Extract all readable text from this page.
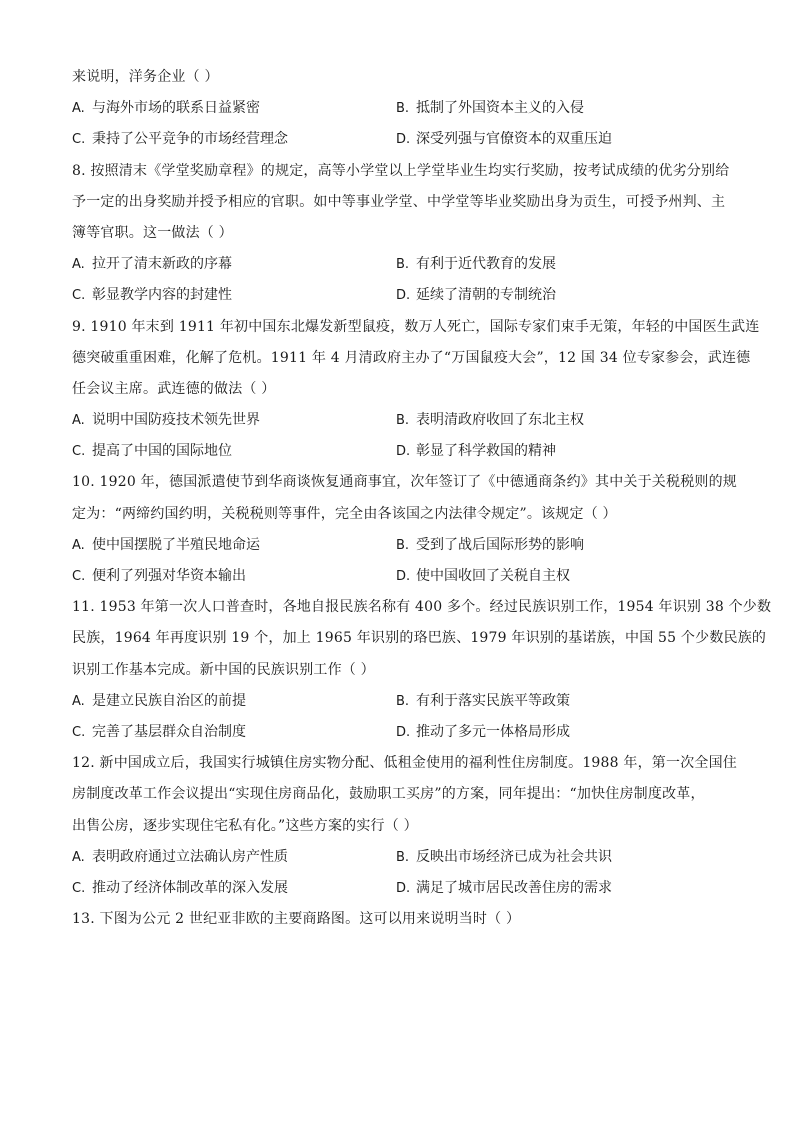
来说明，洋务企业（ ）
A. 与海外市场的联系日益紧密	B. 抵制了外国资本主义的入侵
C. 秉持了公平竞争的市场经营理念	D. 深受列强与官僚资本的双重压迫
8. 按照清末《学堂奖励章程》的规定，高等小学堂以上学堂毕业生均实行奖励，按考试成绩的优劣分别给
予一定的出身奖励并授予相应的官职。如中等事业学堂、中学堂等毕业奖励出身为贡生，可授予州判、主
簿等官职。这一做法（ ）
A. 拉开了清末新政的序幕	B. 有利于近代教育的发展
C. 彰显教学内容的封建性	D. 延续了清朝的专制统治
9. 1910 年末到 1911 年初中国东北爆发新型鼠疫，数万人死亡，国际专家们束手无策，年轻的中国医生武连
德突破重重困难，化解了危机。1911 年 4 月清政府主办了“万国鼠疫大会”，12 国 34 位专家参会，武连德
任会议主席。武连德的做法（ ）
A. 说明中国防疫技术领先世界	B. 表明清政府收回了东北主权
C. 提高了中国的国际地位	D. 彰显了科学救国的精神
10. 1920 年，德国派遣使节到华商谈恢复通商事宜，次年签订了《中德通商条约》其中关于关税税则的规
定为：“两缔约国约明，关税税则等事件，完全由各该国之内法律令规定”。该规定（ ）
A. 使中国摆脱了半殖民地命运	B. 受到了战后国际形势的影响
C. 便利了列强对华资本输出	D. 使中国收回了关税自主权
11. 1953 年第一次人口普查时，各地自报民族名称有 400 多个。经过民族识别工作，1954 年识别 38 个少数
民族，1964 年再度识别 19 个，加上 1965 年识别的珞巴族、1979 年识别的基诺族，中国 55 个少数民族的
识别工作基本完成。新中国的民族识别工作（ ）
A. 是建立民族自治区的前提	B. 有利于落实民族平等政策
C. 完善了基层群众自治制度	D. 推动了多元一体格局形成
12. 新中国成立后，我国实行城镇住房实物分配、低租金使用的福利性住房制度。1988 年，第一次全国住
房制度改革工作会议提出“实现住房商品化，鼓励职工买房”的方案，同年提出：“加快住房制度改革，
出售公房，逐步实现住宅私有化。”这些方案的实行（ ）
A. 表明政府通过立法确认房产性质	B. 反映出市场经济已成为社会共识
C. 推动了经济体制改革的深入发展	D. 满足了城市居民改善住房的需求
13. 下图为公元 2 世纪亚非欧的主要商路图。这可以用来说明当时（ ）
